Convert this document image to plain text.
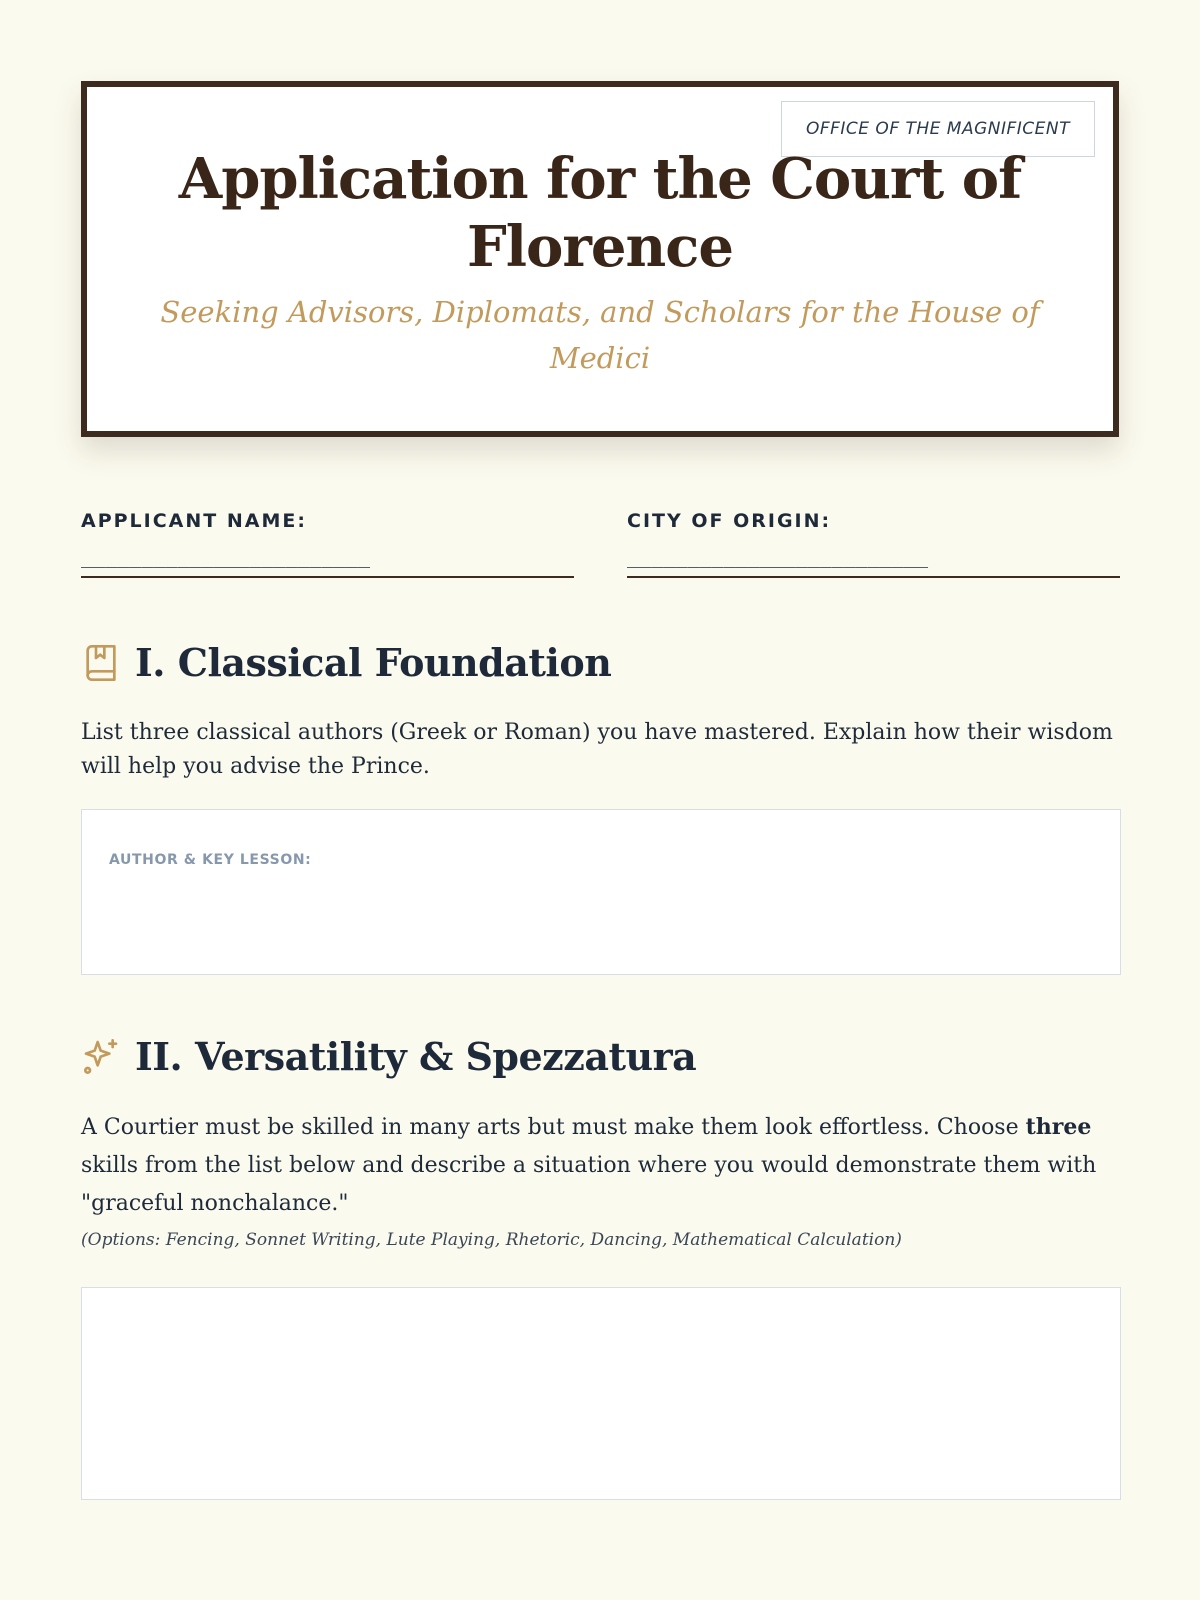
OFFICE OF THE MAGNIFICENT
Application for the Court of Florence

Seeking Advisors, Diplomats, and Scholars for the House of Medici

APPLICANT NAME:
________________________
CITY OF ORIGIN:
_________________________
I. Classical Foundation

List three classical authors (Greek or Roman) you have mastered. Explain how their wisdom will help you advise the Prince.

AUTHOR & KEY LESSON:
II. Versatility & Spezzatura

A Courtier must be skilled in many arts but must make them look effortless. Choose three skills from the list below and describe a situation where you would demonstrate them with "graceful nonchalance."

(Options: Fencing, Sonnet Writing, Lute Playing, Rhetoric, Dancing, Mathematical Calculation)
